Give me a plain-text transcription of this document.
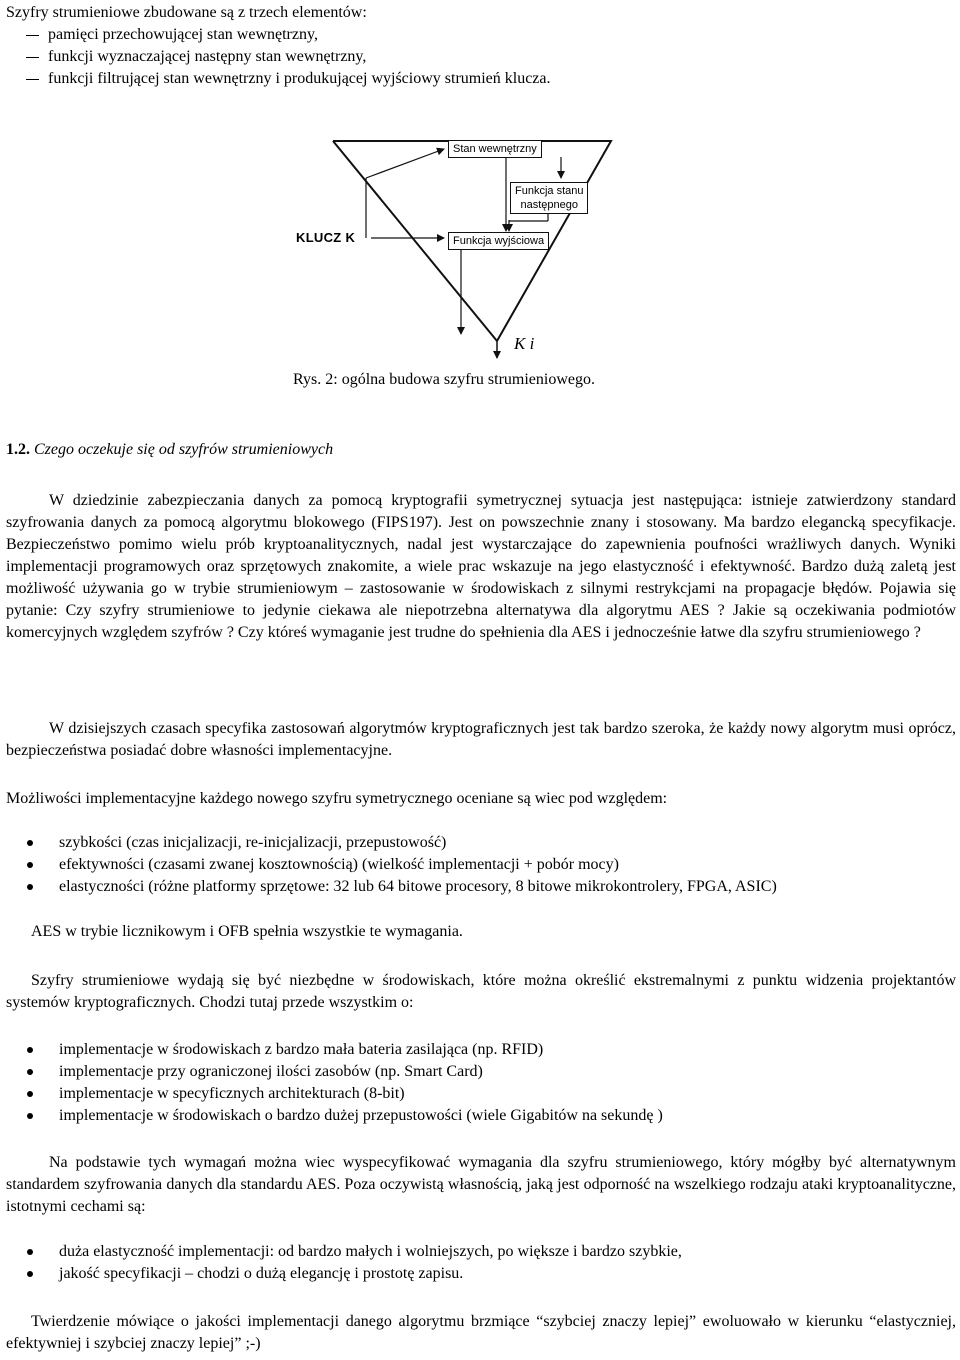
Szyfry strumieniowe zbudowane są z trzech elementów:
pamięci przechowującej stan wewnętrzny,
funkcji wyznaczającej następny stan wewnętrzny,
funkcji filtrującej stan wewnętrzny i produkującej wyjściowy strumień klucza.
Stan wewnętrzny
Funkcja stanu
następnego
Funkcja wyjściowa
KLUCZ K
K i
Rys. 2: ogólna budowa szyfru strumieniowego.
1.2. Czego oczekuje się od szyfrów strumieniowych

W dziedzinie zabezpieczania danych za pomocą kryptografii symetrycznej sytuacja jest następująca: istnieje zatwierdzony standard szyfrowania danych za pomocą algorytmu blokowego (FIPS197). Jest on powszechnie znany i stosowany. Ma bardzo elegancką specyfikacje. Bezpieczeństwo pomimo wielu prób kryptoanalitycznych, nadal jest wystarczające do zapewnienia poufności wrażliwych danych. Wyniki implementacji programowych oraz sprzętowych znakomite, a wiele prac wskazuje na jego elastyczność i efektywność. Bardzo dużą zaletą jest możliwość używania go w trybie strumieniowym – zastosowanie w środowiskach z silnymi restrykcjami na propagacje błędów. Pojawia się pytanie: Czy szyfry strumieniowe to jedynie ciekawa ale niepotrzebna alternatywa dla algorytmu AES ? Jakie są oczekiwania podmiotów komercyjnych względem szyfrów ? Czy któreś wymaganie jest trudne do spełnienia dla AES i jednocześnie łatwe dla szyfru strumieniowego ?

W dzisiejszych czasach specyfika zastosowań algorytmów kryptograficznych jest tak bardzo szeroka, że każdy nowy algorytm musi oprócz, bezpieczeństwa posiadać dobre własności implementacyjne.

Możliwości implementacyjne każdego nowego szyfru symetrycznego oceniane są wiec pod względem:

szybkości (czas inicjalizacji, re-inicjalizacji, przepustowość)
efektywności (czasami zwanej kosztownością) (wielkość implementacji + pobór mocy)
elastyczności (różne platformy sprzętowe: 32 lub 64 bitowe procesory, 8 bitowe mikrokontrolery, FPGA, ASIC)

AES w trybie licznikowym i OFB spełnia wszystkie te wymagania.

Szyfry strumieniowe wydają się być niezbędne w środowiskach, które można określić ekstremalnymi z punktu widzenia projektantów systemów kryptograficznych. Chodzi tutaj przede wszystkim o:

implementacje w środowiskach z bardzo mała bateria zasilająca (np. RFID)
implementacje przy ograniczonej ilości zasobów (np. Smart Card)
implementacje w specyficznych architekturach (8-bit)
implementacje w środowiskach o bardzo dużej przepustowości (wiele Gigabitów na sekundę )

Na podstawie tych wymagań można wiec wyspecyfikować wymagania dla szyfru strumieniowego, który mógłby być alternatywnym standardem szyfrowania danych dla standardu AES. Poza oczywistą własnością, jaką jest odporność na wszelkiego rodzaju ataki kryptoanalityczne, istotnymi cechami są:

duża elastyczność implementacji: od bardzo małych i wolniejszych, po większe i bardzo szybkie,
jakość specyfikacji – chodzi o dużą elegancję i prostotę zapisu.

Twierdzenie mówiące o jakości implementacji danego algorytmu brzmiące “szybciej znaczy lepiej” ewoluowało w kierunku “elastyczniej, efektywniej i szybciej znaczy lepiej” ;-)
